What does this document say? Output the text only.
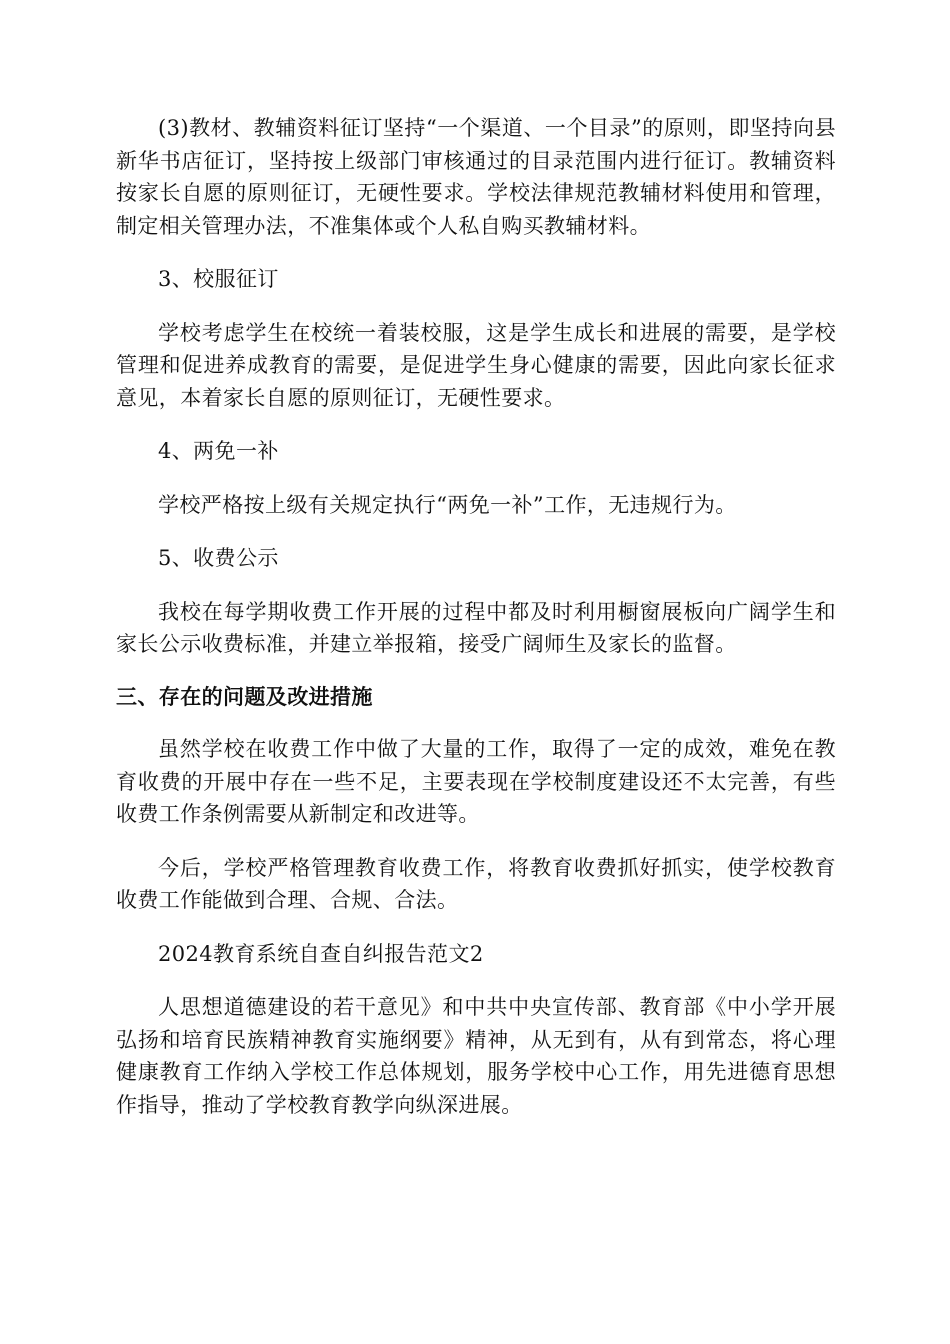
(3)教材、教辅资料征订坚持“一个渠道、一个目录”的原则，即坚持向县新华书店征订，坚持按上级部门审核通过的目录范围内进行征订。教辅资料按家长自愿的原则征订，无硬性要求。学校法律规范教辅材料使用和管理，制定相关管理办法，不准集体或个人私自购买教辅材料。

3、校服征订

学校考虑学生在校统一着装校服，这是学生成长和进展的需要，是学校管理和促进养成教育的需要，是促进学生身心健康的需要，因此向家长征求意见，本着家长自愿的原则征订，无硬性要求。

4、两免一补

学校严格按上级有关规定执行“两免一补”工作，无违规行为。

5、收费公示

我校在每学期收费工作开展的过程中都及时利用橱窗展板向广阔学生和家长公示收费标准，并建立举报箱，接受广阔师生及家长的监督。

三、存在的问题及改进措施

虽然学校在收费工作中做了大量的工作，取得了一定的成效，难免在教育收费的开展中存在一些不足，主要表现在学校制度建设还不太完善，有些收费工作条例需要从新制定和改进等。

今后，学校严格管理教育收费工作，将教育收费抓好抓实，使学校教育收费工作能做到合理、合规、合法。

2024教育系统自查自纠报告范文2

人思想道德建设的若干意见》和中共中央宣传部、教育部《中小学开展弘扬和培育民族精神教育实施纲要》精神，从无到有，从有到常态，将心理健康教育工作纳入学校工作总体规划，服务学校中心工作，用先进德育思想作指导，推动了学校教育教学向纵深进展。
